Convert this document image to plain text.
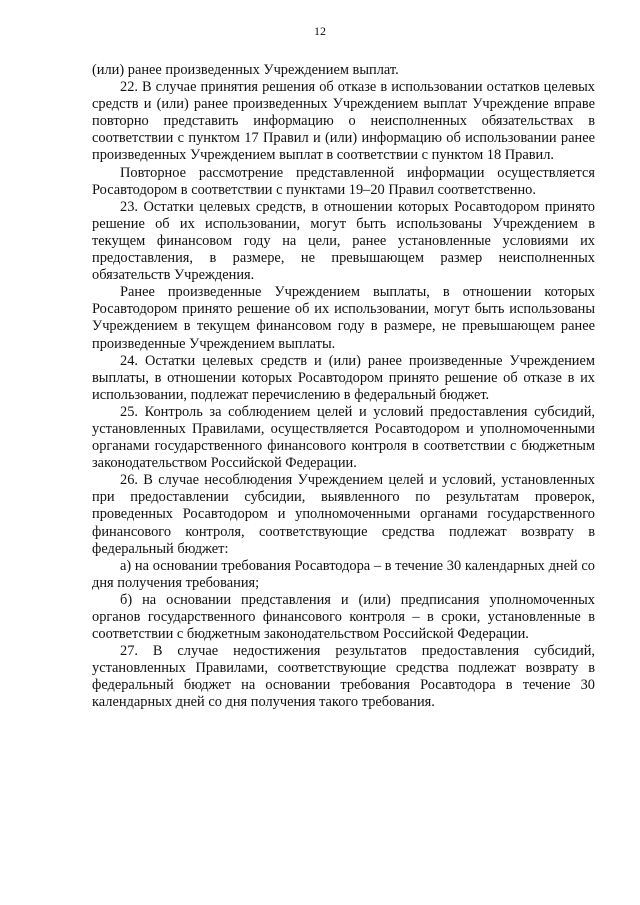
12

(или) ранее произведенных Учреждением выплат.

22. В случае принятия решения об отказе в использовании остатков целевых средств и (или) ранее произведенных Учреждением выплат Учреждение вправе повторно представить информацию о неисполненных обязательствах в соответствии с пунктом 17 Правил и (или) информацию об использовании ранее произведенных Учреждением выплат в соответствии с пунктом 18 Правил.

Повторное рассмотрение представленной информации осуществляется Росавтодором в соответствии с пунктами 19–20 Правил соответственно.

23. Остатки целевых средств, в отношении которых Росавтодором принято решение об их использовании, могут быть использованы Учреждением в текущем финансовом году на цели, ранее установленные условиями их предоставления, в размере, не превышающем размер неисполненных обязательств Учреждения.

Ранее произведенные Учреждением выплаты, в отношении которых Росавтодором принято решение об их использовании, могут быть использованы Учреждением в текущем финансовом году в размере, не превышающем ранее произведенные Учреждением выплаты.

24. Остатки целевых средств и (или) ранее произведенные Учреждением выплаты, в отношении которых Росавтодором принято решение об отказе в их использовании, подлежат перечислению в федеральный бюджет.

25. Контроль за соблюдением целей и условий предоставления субсидий, установленных Правилами, осуществляется Росавтодором и уполномоченными органами государственного финансового контроля в соответствии с бюджетным законодательством Российской Федерации.

26. В случае несоблюдения Учреждением целей и условий, установленных при предоставлении субсидии, выявленного по результатам проверок, проведенных Росавтодором и уполномоченными органами государственного финансового контроля, соответствующие средства подлежат возврату в федеральный бюджет:

а) на основании требования Росавтодора – в течение 30 календарных дней со дня получения требования;

б) на основании представления и (или) предписания уполномоченных органов государственного финансового контроля – в сроки, установленные в соответствии с бюджетным законодательством Российской Федерации.

27. В случае недостижения результатов предоставления субсидий, установленных Правилами, соответствующие средства подлежат возврату в федеральный бюджет на основании требования Росавтодора в течение 30 календарных дней со дня получения такого требования.
